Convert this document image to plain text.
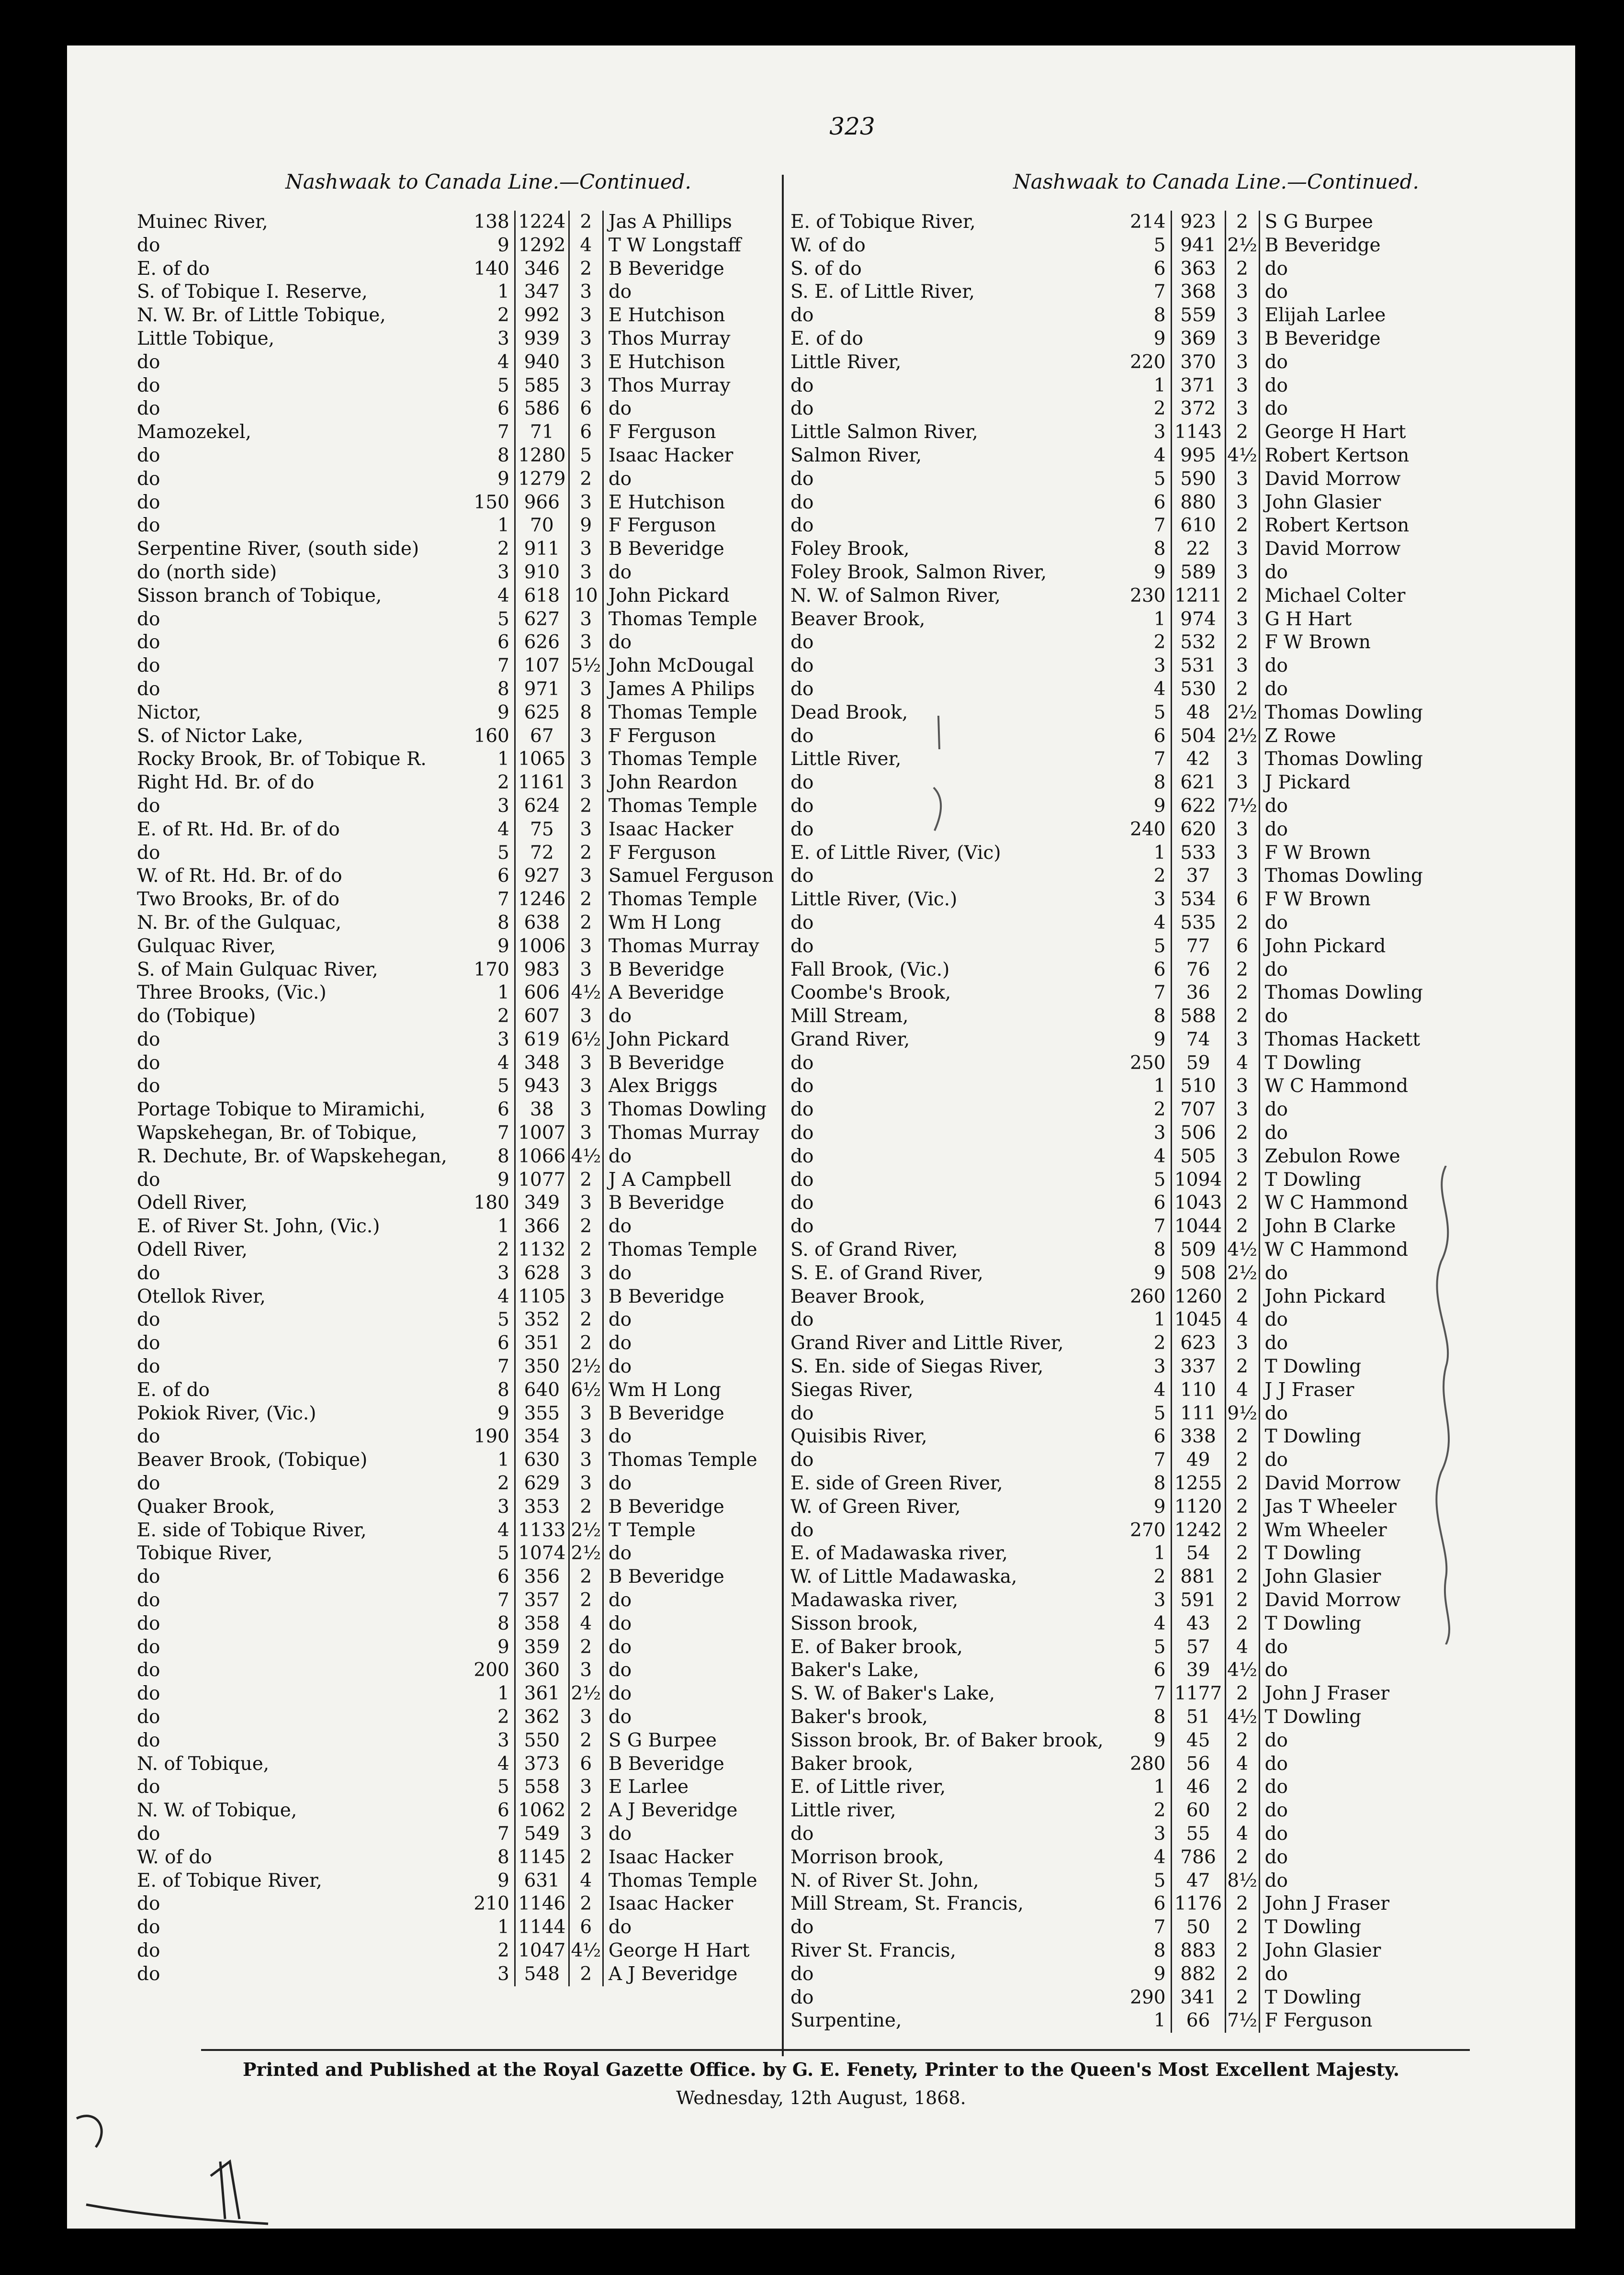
323
Nashwaak to Canada Line.—Continued.	Nashwaak to Canada Line.—Continued.
Muinec River,	138	1224	2	Jas A Phillips
do	9	1292	4	T W Longstaff
E. of do	140	346	2	B Beveridge
S. of Tobique I. Reserve,	1	347	3	do
N. W. Br. of Little Tobique,	2	992	3	E Hutchison
Little Tobique,	3	939	3	Thos Murray
do	4	940	3	E Hutchison
do	5	585	3	Thos Murray
do	6	586	6	do
Mamozekel,	7	71	6	F Ferguson
do	8	1280	5	Isaac Hacker
do	9	1279	2	do
do	150	966	3	E Hutchison
do	1	70	9	F Ferguson
Serpentine River, (south side)	2	911	3	B Beveridge
do (north side)	3	910	3	do
Sisson branch of Tobique,	4	618	10	John Pickard
do	5	627	3	Thomas Temple
do	6	626	3	do
do	7	107	5½	John McDougal
do	8	971	3	James A Philips
Nictor,	9	625	8	Thomas Temple
S. of Nictor Lake,	160	67	3	F Ferguson
Rocky Brook, Br. of Tobique R.	1	1065	3	Thomas Temple
Right Hd. Br. of do	2	1161	3	John Reardon
do	3	624	2	Thomas Temple
E. of Rt. Hd. Br. of do	4	75	3	Isaac Hacker
do	5	72	2	F Ferguson
W. of Rt. Hd. Br. of do	6	927	3	Samuel Ferguson
Two Brooks, Br. of do	7	1246	2	Thomas Temple
N. Br. of the Gulquac,	8	638	2	Wm H Long
Gulquac River,	9	1006	3	Thomas Murray
S. of Main Gulquac River,	170	983	3	B Beveridge
Three Brooks, (Vic.)	1	606	4½	A Beveridge
do (Tobique)	2	607	3	do
do	3	619	6½	John Pickard
do	4	348	3	B Beveridge
do	5	943	3	Alex Briggs
Portage Tobique to Miramichi,	6	38	3	Thomas Dowling
Wapskehegan, Br. of Tobique,	7	1007	3	Thomas Murray
R. Dechute, Br. of Wapskehegan,	8	1066	4½	do
do	9	1077	2	J A Campbell
Odell River,	180	349	3	B Beveridge
E. of River St. John, (Vic.)	1	366	2	do
Odell River,	2	1132	2	Thomas Temple
do	3	628	3	do
Otellok River,	4	1105	3	B Beveridge
do	5	352	2	do
do	6	351	2	do
do	7	350	2½	do
E. of do	8	640	6½	Wm H Long
Pokiok River, (Vic.)	9	355	3	B Beveridge
do	190	354	3	do
Beaver Brook, (Tobique)	1	630	3	Thomas Temple
do	2	629	3	do
Quaker Brook,	3	353	2	B Beveridge
E. side of Tobique River,	4	1133	2½	T Temple
Tobique River,	5	1074	2½	do
do	6	356	2	B Beveridge
do	7	357	2	do
do	8	358	4	do
do	9	359	2	do
do	200	360	3	do
do	1	361	2½	do
do	2	362	3	do
do	3	550	2	S G Burpee
N. of Tobique,	4	373	6	B Beveridge
do	5	558	3	E Larlee
N. W. of Tobique,	6	1062	2	A J Beveridge
do	7	549	3	do
W. of do	8	1145	2	Isaac Hacker
E. of Tobique River,	9	631	4	Thomas Temple
do	210	1146	2	Isaac Hacker
do	1	1144	6	do
do	2	1047	4½	George H Hart
do	3	548	2	A J Beveridge
E. of Tobique River,	214	923	2	S G Burpee
W. of do	5	941	2½	B Beveridge
S. of do	6	363	2	do
S. E. of Little River,	7	368	3	do
do	8	559	3	Elijah Larlee
E. of do	9	369	3	B Beveridge
Little River,	220	370	3	do
do	1	371	3	do
do	2	372	3	do
Little Salmon River,	3	1143	2	George H Hart
Salmon River,	4	995	4½	Robert Kertson
do	5	590	3	David Morrow
do	6	880	3	John Glasier
do	7	610	2	Robert Kertson
Foley Brook,	8	22	3	David Morrow
Foley Brook, Salmon River,	9	589	3	do
N. W. of Salmon River,	230	1211	2	Michael Colter
Beaver Brook,	1	974	3	G H Hart
do	2	532	2	F W Brown
do	3	531	3	do
do	4	530	2	do
Dead Brook,	5	48	2½	Thomas Dowling
do	6	504	2½	Z Rowe
Little River,	7	42	3	Thomas Dowling
do	8	621	3	J Pickard
do	9	622	7½	do
do	240	620	3	do
E. of Little River, (Vic)	1	533	3	F W Brown
do	2	37	3	Thomas Dowling
Little River, (Vic.)	3	534	6	F W Brown
do	4	535	2	do
do	5	77	6	John Pickard
Fall Brook, (Vic.)	6	76	2	do
Coombe's Brook,	7	36	2	Thomas Dowling
Mill Stream,	8	588	2	do
Grand River,	9	74	3	Thomas Hackett
do	250	59	4	T Dowling
do	1	510	3	W C Hammond
do	2	707	3	do
do	3	506	2	do
do	4	505	3	Zebulon Rowe
do	5	1094	2	T Dowling
do	6	1043	2	W C Hammond
do	7	1044	2	John B Clarke
S. of Grand River,	8	509	4½	W C Hammond
S. E. of Grand River,	9	508	2½	do
Beaver Brook,	260	1260	2	John Pickard
do	1	1045	4	do
Grand River and Little River,	2	623	3	do
S. En. side of Siegas River,	3	337	2	T Dowling
Siegas River,	4	110	4	J J Fraser
do	5	111	9½	do
Quisibis River,	6	338	2	T Dowling
do	7	49	2	do
E. side of Green River,	8	1255	2	David Morrow
W. of Green River,	9	1120	2	Jas T Wheeler
do	270	1242	2	Wm Wheeler
E. of Madawaska river,	1	54	2	T Dowling
W. of Little Madawaska,	2	881	2	John Glasier
Madawaska river,	3	591	2	David Morrow
Sisson brook,	4	43	2	T Dowling
E. of Baker brook,	5	57	4	do
Baker's Lake,	6	39	4½	do
S. W. of Baker's Lake,	7	1177	2	John J Fraser
Baker's brook,	8	51	4½	T Dowling
Sisson brook, Br. of Baker brook,	9	45	2	do
Baker brook,	280	56	4	do
E. of Little river,	1	46	2	do
Little river,	2	60	2	do
do	3	55	4	do
Morrison brook,	4	786	2	do
N. of River St. John,	5	47	8½	do
Mill Stream, St. Francis,	6	1176	2	John J Fraser
do	7	50	2	T Dowling
River St. Francis,	8	883	2	John Glasier
do	9	882	2	do
do	290	341	2	T Dowling
Surpentine,	1	66	7½	F Ferguson
Printed and Published at the Royal Gazette Office. by G. E. Fenety, Printer to the Queen's Most Excellent Majesty.
Wednesday, 12th August, 1868.
